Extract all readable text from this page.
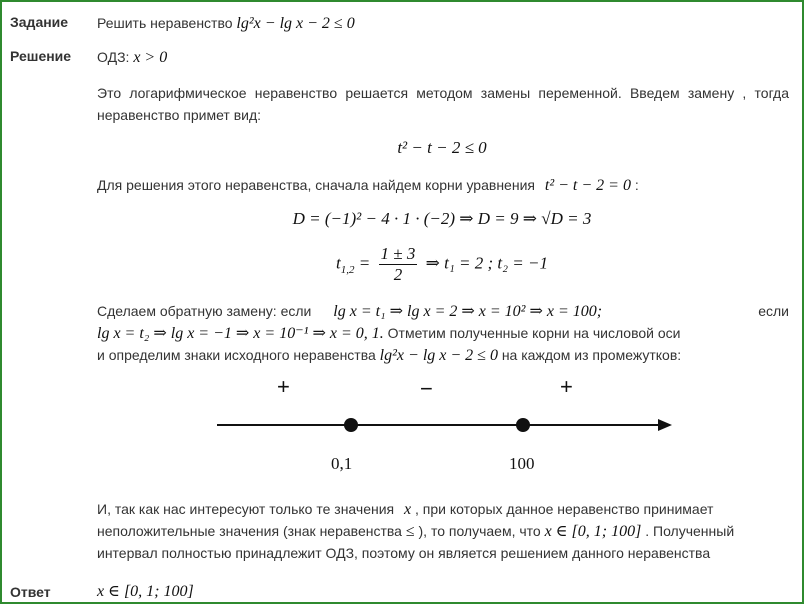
Задание Решить неравенство lg²x − lg x − 2 ≤ 0
Решение ОДЗ: x > 0
Это логарифмическое неравенство решается методом замены переменной. Введем замену , тогда неравенство примет вид:
t² − t − 2 ≤ 0
Для решения этого неравенства, сначала найдем корни уравнения t² − t − 2 = 0 :
D = (−1)² − 4 · 1 · (−2) ⇒ D = 9 ⇒ √D = 3
$t_{1,2} = \frac{1 \pm 3}{2}$ ⇒ t₁ = 2 ; t₂ = −1
Сделаем обратную замену: если lg x = t₁ ⇒ lg x = 2 ⇒ x = 10² ⇒ x = 100;	если
lg x = t₂ ⇒ lg x = −1 ⇒ x = 10⁻¹ ⇒ x = 0, 1. Отметим полученные корни на числовой оси
и определим знаки исходного неравенства lg²x − lg x − 2 ≤ 0 на каждом из промежутков:
+	−	+
0,1	100
И, так как нас интересуют только те значения x , при которых данное неравенство принимает
неположительные значения (знак неравенства ≤ ), то получаем, что x ∈ [0, 1; 100] . Полученный
интервал полностью принадлежит ОДЗ, поэтому он является решением данного неравенства
Ответ	x ∈ [0, 1; 100]
